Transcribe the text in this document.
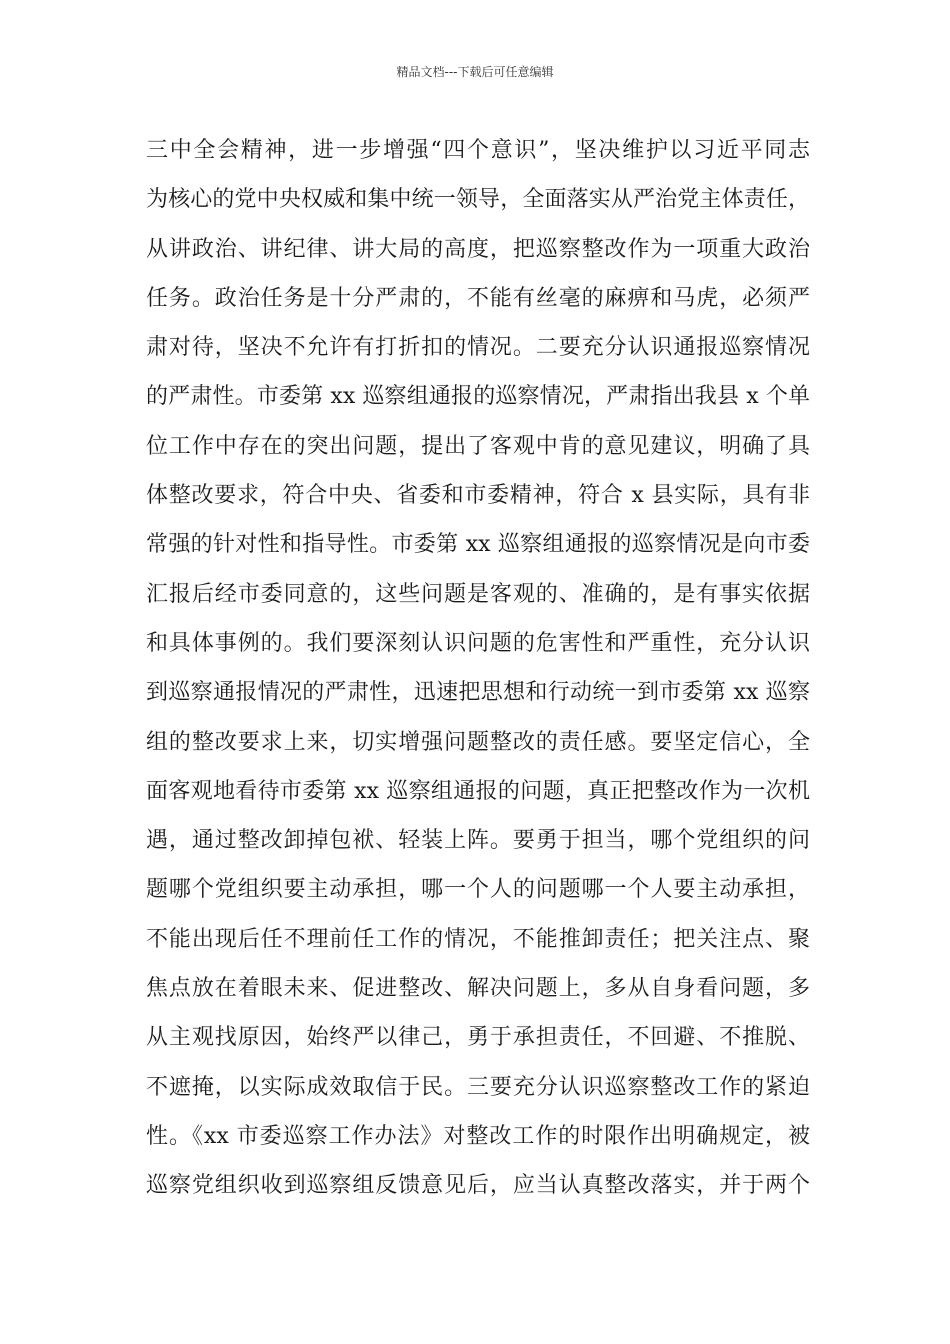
精品文档---下载后可任意编辑
三中全会精神，进一步增强“四个意识”，坚决维护以习近平同志
为核心的党中央权威和集中统一领导，全面落实从严治党主体责任，
从讲政治、讲纪律、讲大局的高度，把巡察整改作为一项重大政治
任务。政治任务是十分严肃的，不能有丝毫的麻痹和马虎，必须严
肃对待，坚决不允许有打折扣的情况。二要充分认识通报巡察情况
的严肃性。市委第 xx 巡察组通报的巡察情况，严肃指出我县 x 个单
位工作中存在的突出问题，提出了客观中肯的意见建议，明确了具
体整改要求，符合中央、省委和市委精神，符合 x 县实际，具有非
常强的针对性和指导性。市委第 xx 巡察组通报的巡察情况是向市委
汇报后经市委同意的，这些问题是客观的、准确的，是有事实依据
和具体事例的。我们要深刻认识问题的危害性和严重性，充分认识
到巡察通报情况的严肃性，迅速把思想和行动统一到市委第 xx 巡察
组的整改要求上来，切实增强问题整改的责任感。要坚定信心，全
面客观地看待市委第 xx 巡察组通报的问题，真正把整改作为一次机
遇，通过整改卸掉包袱、轻装上阵。要勇于担当，哪个党组织的问
题哪个党组织要主动承担，哪一个人的问题哪一个人要主动承担，
不能出现后任不理前任工作的情况，不能推卸责任；把关注点、聚
焦点放在着眼未来、促进整改、解决问题上，多从自身看问题，多
从主观找原因，始终严以律己，勇于承担责任，不回避、不推脱、
不遮掩，以实际成效取信于民。三要充分认识巡察整改工作的紧迫
性。《xx 市委巡察工作办法》对整改工作的时限作出明确规定，被
巡察党组织收到巡察组反馈意见后，应当认真整改落实，并于两个
